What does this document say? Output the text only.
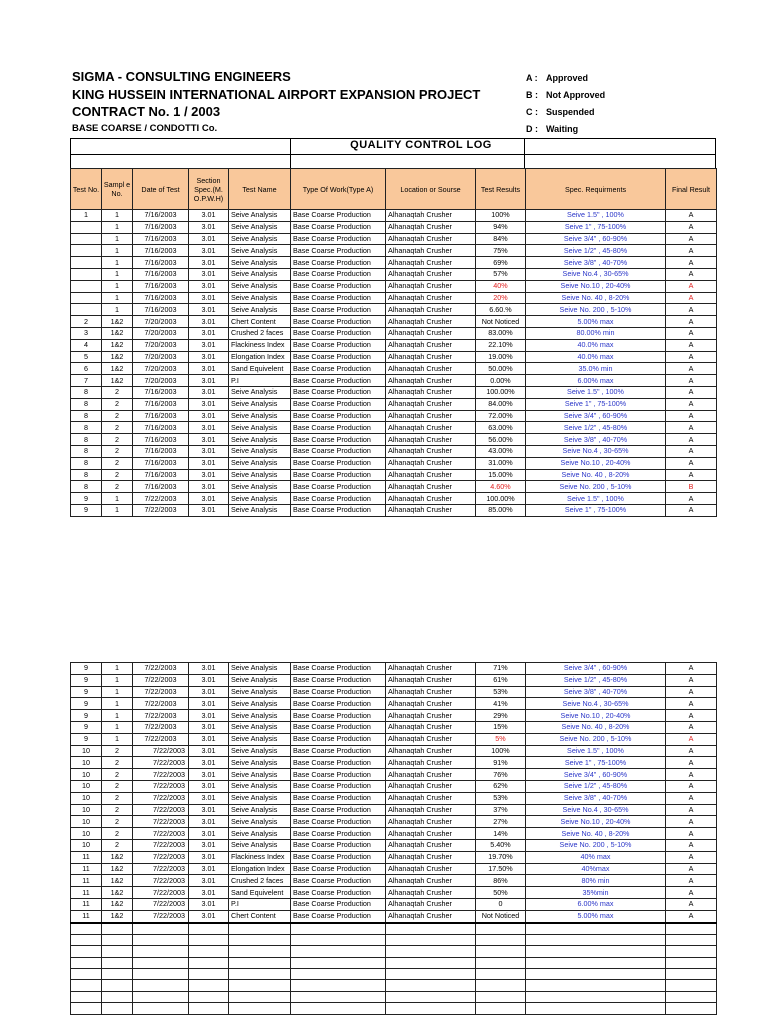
SIGMA - CONSULTING ENGINEERS
KING HUSSEIN INTERNATIONAL AIRPORT EXPANSION PROJECT
CONTRACT No. 1 / 2003
BASE COARSE / CONDOTTI Co.
A : Approved
B : Not Approved
C : Suspended
D : Waiting
QUALITY CONTROL LOG
Test No.	Sampl e No.	Date of Test	Section Spec.(M. O.P.W.H)	Test Name	Type Of Work(Type A)	Location or Sourse	Test Results	Spec. Requirments	Final Result
1	1	7/16/2003	3.01	Seive Analysis	Base Coarse Production	Alhanaqtah Crusher	100%	Seive 1.5" , 100%	A
	1	7/16/2003	3.01	Seive Analysis	Base Coarse Production	Alhanaqtah Crusher	94%	Seive 1" , 75-100%	A
	1	7/16/2003	3.01	Seive Analysis	Base Coarse Production	Alhanaqtah Crusher	84%	Seive 3/4" , 60-90%	A
	1	7/16/2003	3.01	Seive Analysis	Base Coarse Production	Alhanaqtah Crusher	75%	Seive 1/2" , 45-80%	A
	1	7/16/2003	3.01	Seive Analysis	Base Coarse Production	Alhanaqtah Crusher	69%	Seive 3/8" , 40-70%	A
	1	7/16/2003	3.01	Seive Analysis	Base Coarse Production	Alhanaqtah Crusher	57%	Seive No.4 , 30-65%	A
	1	7/16/2003	3.01	Seive Analysis	Base Coarse Production	Alhanaqtah Crusher	40%	Seive No.10 , 20-40%	A
	1	7/16/2003	3.01	Seive Analysis	Base Coarse Production	Alhanaqtah Crusher	20%	Seive No. 40 , 8-20%	A
	1	7/16/2003	3.01	Seive Analysis	Base Coarse Production	Alhanaqtah Crusher	6.60.%	Seive No. 200 , 5-10%	A
2	1&2	7/20/2003	3.01	Chert Content	Base Coarse Production	Alhanaqtah Crusher	Not Noticed	5.00% max	A
3	1&2	7/20/2003	3.01	Crushed 2 faces	Base Coarse Production	Alhanaqtah Crusher	83.00%	80.00% min	A
4	1&2	7/20/2003	3.01	Flackiness Index	Base Coarse Production	Alhanaqtah Crusher	22.10%	40.0% max	A
5	1&2	7/20/2003	3.01	Elongation Index	Base Coarse Production	Alhanaqtah Crusher	19.00%	40.0% max	A
6	1&2	7/20/2003	3.01	Sand Equivelent	Base Coarse Production	Alhanaqtah Crusher	50.00%	35.0% min	A
7	1&2	7/20/2003	3.01	P.I	Base Coarse Production	Alhanaqtah Crusher	0.00%	6.00% max	A
8	2	7/16/2003	3.01	Seive Analysis	Base Coarse Production	Alhanaqtah Crusher	100.00%	Seive 1.5" , 100%	A
8	2	7/16/2003	3.01	Seive Analysis	Base Coarse Production	Alhanaqtah Crusher	84.00%	Seive 1" , 75-100%	A
8	2	7/16/2003	3.01	Seive Analysis	Base Coarse Production	Alhanaqtah Crusher	72.00%	Seive 3/4" , 60-90%	A
8	2	7/16/2003	3.01	Seive Analysis	Base Coarse Production	Alhanaqtah Crusher	63.00%	Seive 1/2" , 45-80%	A
8	2	7/16/2003	3.01	Seive Analysis	Base Coarse Production	Alhanaqtah Crusher	56.00%	Seive 3/8" , 40-70%	A
8	2	7/16/2003	3.01	Seive Analysis	Base Coarse Production	Alhanaqtah Crusher	43.00%	Seive No.4 , 30-65%	A
8	2	7/16/2003	3.01	Seive Analysis	Base Coarse Production	Alhanaqtah Crusher	31.00%	Seive No.10 , 20-40%	A
8	2	7/16/2003	3.01	Seive Analysis	Base Coarse Production	Alhanaqtah Crusher	15.00%	Seive No. 40 , 8-20%	A
8	2	7/16/2003	3.01	Seive Analysis	Base Coarse Production	Alhanaqtah Crusher	4.60%	Seive No. 200 , 5-10%	B
9	1	7/22/2003	3.01	Seive Analysis	Base Coarse Production	Alhanaqtah Crusher	100.00%	Seive 1.5" , 100%	A
9	1	7/22/2003	3.01	Seive Analysis	Base Coarse Production	Alhanaqtah Crusher	85.00%	Seive 1" , 75-100%	A
9	1	7/22/2003	3.01	Seive Analysis	Base Coarse Production	Alhanaqtah Crusher	71%	Seive 3/4" , 60-90%	A
9	1	7/22/2003	3.01	Seive Analysis	Base Coarse Production	Alhanaqtah Crusher	61%	Seive 1/2" , 45-80%	A
9	1	7/22/2003	3.01	Seive Analysis	Base Coarse Production	Alhanaqtah Crusher	53%	Seive 3/8" , 40-70%	A
9	1	7/22/2003	3.01	Seive Analysis	Base Coarse Production	Alhanaqtah Crusher	41%	Seive No.4 , 30-65%	A
9	1	7/22/2003	3.01	Seive Analysis	Base Coarse Production	Alhanaqtah Crusher	29%	Seive No.10 , 20-40%	A
9	1	7/22/2003	3.01	Seive Analysis	Base Coarse Production	Alhanaqtah Crusher	15%	Seive No. 40 , 8-20%	A
9	1	7/22/2003	3.01	Seive Analysis	Base Coarse Production	Alhanaqtah Crusher	5%	Seive No. 200 , 5-10%	A
10	2	7/22/2003	3.01	Seive Analysis	Base Coarse Production	Alhanaqtah Crusher	100%	Seive 1.5" , 100%	A
10	2	7/22/2003	3.01	Seive Analysis	Base Coarse Production	Alhanaqtah Crusher	91%	Seive 1" , 75-100%	A
10	2	7/22/2003	3.01	Seive Analysis	Base Coarse Production	Alhanaqtah Crusher	76%	Seive 3/4" , 60-90%	A
10	2	7/22/2003	3.01	Seive Analysis	Base Coarse Production	Alhanaqtah Crusher	62%	Seive 1/2" , 45-80%	A
10	2	7/22/2003	3.01	Seive Analysis	Base Coarse Production	Alhanaqtah Crusher	53%	Seive 3/8" , 40-70%	A
10	2	7/22/2003	3.01	Seive Analysis	Base Coarse Production	Alhanaqtah Crusher	37%	Seive No.4 , 30-65%	A
10	2	7/22/2003	3.01	Seive Analysis	Base Coarse Production	Alhanaqtah Crusher	27%	Seive No.10 , 20-40%	A
10	2	7/22/2003	3.01	Seive Analysis	Base Coarse Production	Alhanaqtah Crusher	14%	Seive No. 40 , 8-20%	A
10	2	7/22/2003	3.01	Seive Analysis	Base Coarse Production	Alhanaqtah Crusher	5.40%	Seive No. 200 , 5-10%	A
11	1&2	7/22/2003	3.01	Flackiness Index	Base Coarse Production	Alhanaqtah Crusher	19.70%	40% max	A
11	1&2	7/22/2003	3.01	Elongation Index	Base Coarse Production	Alhanaqtah Crusher	17.50%	40%max	A
11	1&2	7/22/2003	3.01	Crushed 2 faces	Base Coarse Production	Alhanaqtah Crusher	86%	80% min	A
11	1&2	7/22/2003	3.01	Sand Equivelent	Base Coarse Production	Alhanaqtah Crusher	50%	35%min	A
11	1&2	7/22/2003	3.01	P.I	Base Coarse Production	Alhanaqtah Crusher	0	6.00% max	A
11	1&2	7/22/2003	3.01	Chert Content	Base Coarse Production	Alhanaqtah Crusher	Not Noticed	5.00% max	A
